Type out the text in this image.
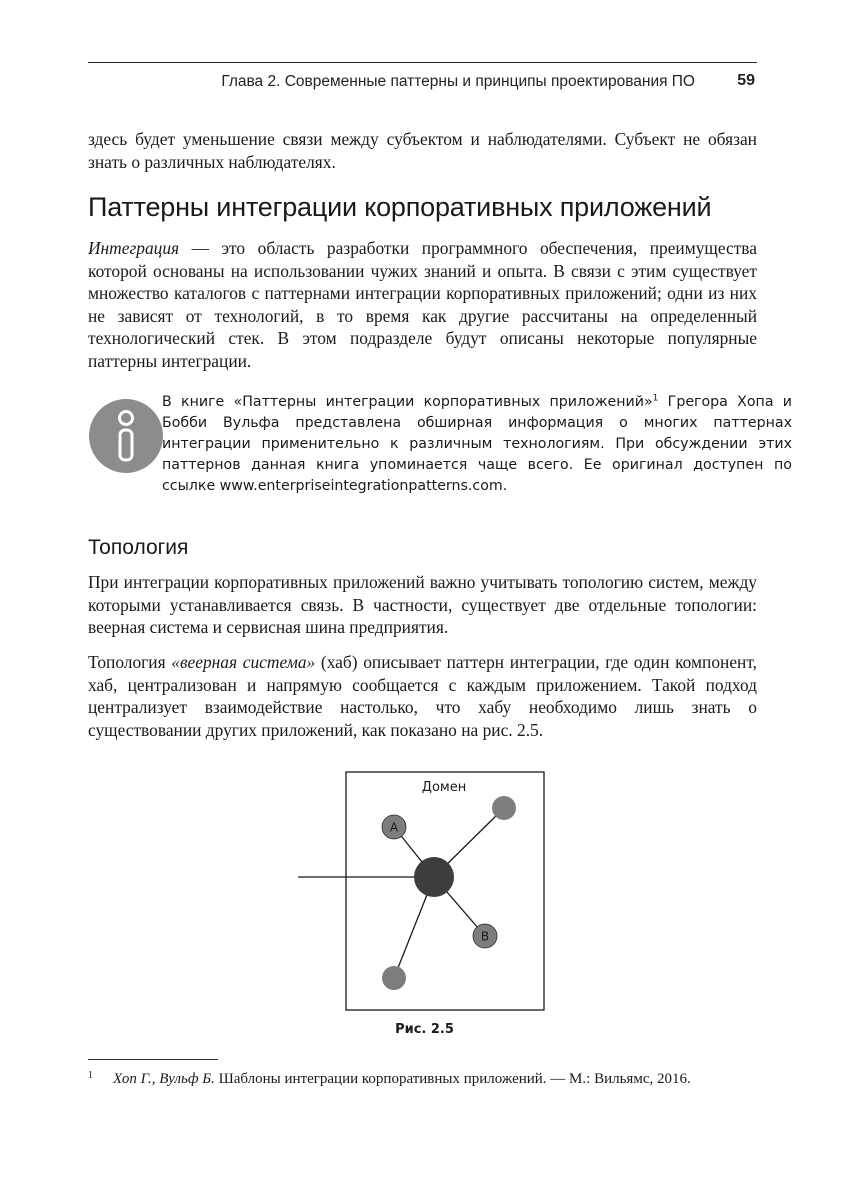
Глава 2. Современные паттерны и принципы проектирования ПО	59

здесь будет уменьшение связи между субъектом и наблюдателями. Субъект не обязан знать о различных наблюдателях.

Паттерны интеграции корпоративных приложений

Интеграция — это область разработки программного обеспечения, преимущества которой основаны на использовании чужих знаний и опыта. В связи с этим существует множество каталогов с паттернами интеграции корпоративных приложений; одни из них не зависят от технологий, в то время как другие рассчитаны на определенный технологический стек. В этом подразделе будут описаны некоторые популярные паттерны интеграции.

В книге «Паттерны интеграции корпоративных приложений»$^1$ Грегора Хопа и Бобби Вульфа представлена обширная информация о многих паттернах интеграции применительно к различным технологиям. При обсуждении этих паттернов данная книга упоминается чаще всего. Ее оригинал доступен по ссылке www.enterpriseintegrationpatterns.com.
Топология

При интеграции корпоративных приложений важно учитывать топологию систем, между которыми устанавливается связь. В частности, существует две отдельные топологии: веерная система и сервисная шина предприятия.

Топология «веерная система» (хаб) описывает паттерн интеграции, где один компонент, хаб, централизован и напрямую сообщается с каждым приложением. Такой подход централизует взаимодействие настолько, что хабу необходимо лишь знать о существовании других приложений, как показано на рис. 2.5.

Домен
A
B
Рис. 2.5
$^1$ Хоп Г., Вульф Б. Шаблоны интеграции корпоративных приложений. — М.: Вильямс, 2016.
